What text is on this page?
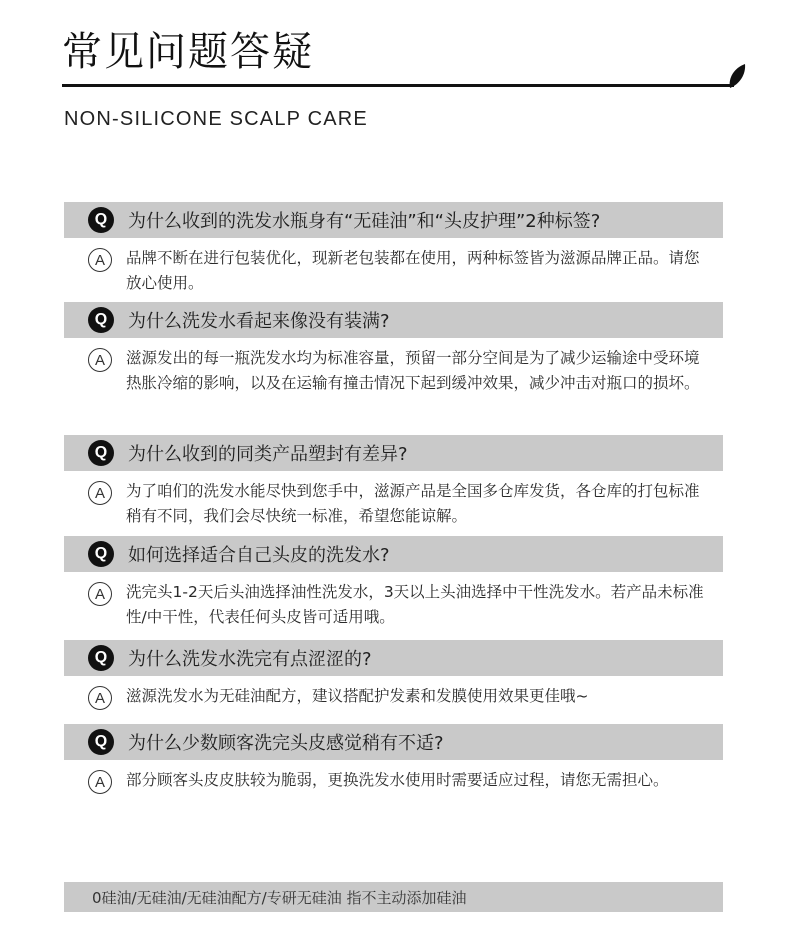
常见问题答疑
NON-SILICONE SCALP CARE
Q	为什么收到的洗发水瓶身有“无硅油”和“头皮护理”2种标签?
A	品牌不断在进行包装优化，现新老包装都在使用，两种标签皆为滋源品牌正品。请您放心使用。
Q	为什么洗发水看起来像没有装满?
A	滋源发出的每一瓶洗发水均为标准容量，预留一部分空间是为了减少运输途中受环境热胀冷缩的影响，以及在运输有撞击情况下起到缓冲效果，减少冲击对瓶口的损坏。
Q	为什么收到的同类产品塑封有差异?
A	为了咱们的洗发水能尽快到您手中，滋源产品是全国多仓库发货，各仓库的打包标准稍有不同，我们会尽快统一标准，希望您能谅解。
Q	如何选择适合自己头皮的洗发水?
A	洗完头1-2天后头油选择油性洗发水，3天以上头油选择中干性洗发水。若产品未标准性/中干性，代表任何头皮皆可适用哦。
Q	为什么洗发水洗完有点涩涩的?
A	滋源洗发水为无硅油配方，建议搭配护发素和发膜使用效果更佳哦~
Q	为什么少数顾客洗完头皮感觉稍有不适?
A	部分顾客头皮皮肤较为脆弱，更换洗发水使用时需要适应过程，请您无需担心。
0硅油/无硅油/无硅油配方/专研无硅油 指不主动添加硅油
